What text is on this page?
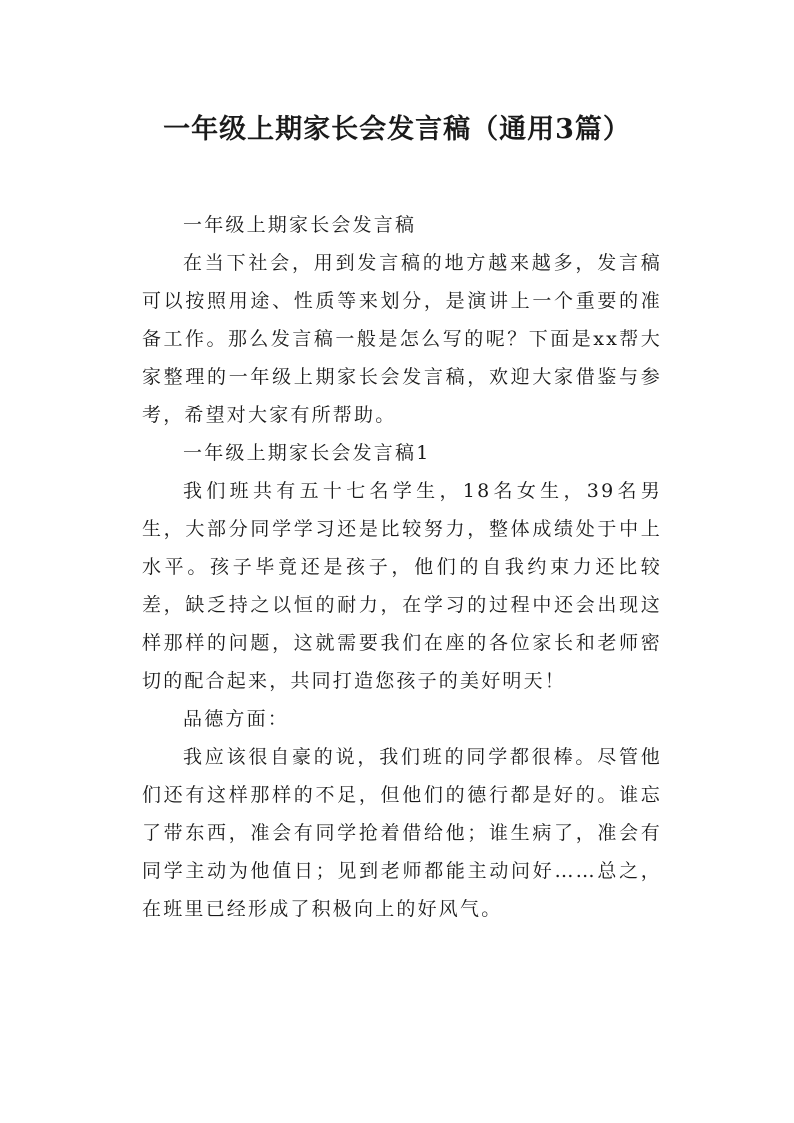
一年级上期家长会发言稿（通用3篇）

一年级上期家长会发言稿

在当下社会，用到发言稿的地方越来越多，发言稿可以按照用途、性质等来划分，是演讲上一个重要的准备工作。那么发言稿一般是怎么写的呢？下面是xx帮大家整理的一年级上期家长会发言稿，欢迎大家借鉴与参考，希望对大家有所帮助。

一年级上期家长会发言稿1

我们班共有五十七名学生，18名女生，39名男生，大部分同学学习还是比较努力，整体成绩处于中上水平。孩子毕竟还是孩子，他们的自我约束力还比较差，缺乏持之以恒的耐力，在学习的过程中还会出现这样那样的问题，这就需要我们在座的各位家长和老师密切的配合起来，共同打造您孩子的美好明天！

品德方面：

我应该很自豪的说，我们班的同学都很棒。尽管他们还有这样那样的不足，但他们的德行都是好的。谁忘了带东西，准会有同学抢着借给他；谁生病了，准会有同学主动为他值日；见到老师都能主动问好……总之，在班里已经形成了积极向上的好风气。
